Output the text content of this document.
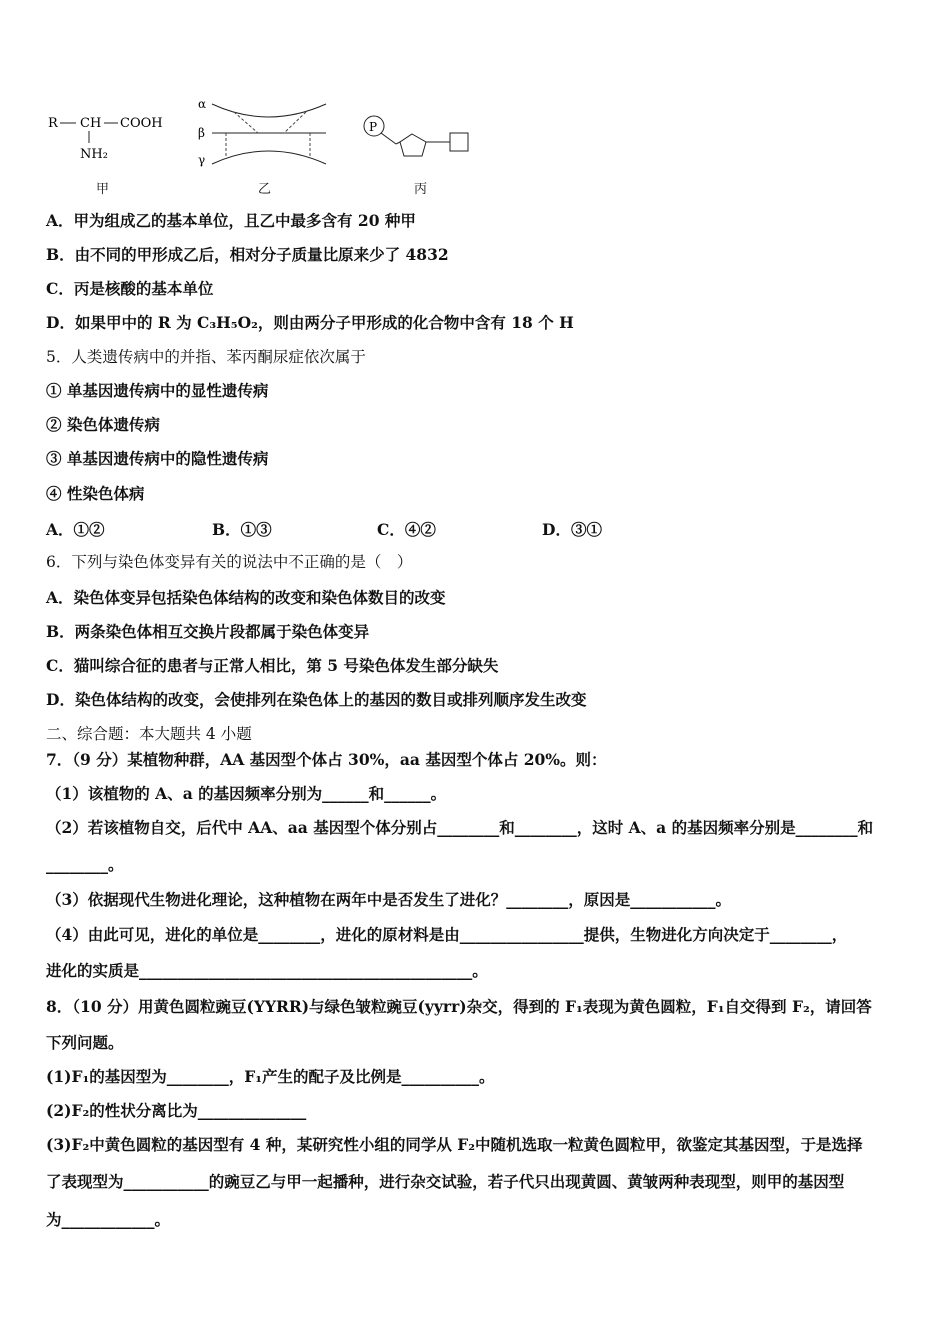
R CH COOH
NH₂
甲
α
β
γ
乙
P
丙
A．甲为组成乙的基本单位，且乙中最多含有 20 种甲
B．由不同的甲形成乙后，相对分子质量比原来少了 4832
C．丙是核酸的基本单位
D．如果甲中的 R 为 C₃H₅O₂，则由两分子甲形成的化合物中含有 18 个 H
5．人类遗传病中的并指、苯丙酮尿症依次属于
① 单基因遗传病中的显性遗传病
② 染色体遗传病
③ 单基因遗传病中的隐性遗传病
④ 性染色体病
A．①②	B．①③	C．④②	D．③①
6．下列与染色体变异有关的说法中不正确的是（　）
A．染色体变异包括染色体结构的改变和染色体数目的改变
B．两条染色体相互交换片段都属于染色体变异
C．猫叫综合征的患者与正常人相比，第 5 号染色体发生部分缺失
D．染色体结构的改变，会使排列在染色体上的基因的数目或排列顺序发生改变
二、综合题：本大题共 4 小题
7．（9 分）某植物种群，AA 基因型个体占 30%，aa 基因型个体占 20%。则：
（1）该植物的 A、a 的基因频率分别为______和______。
（2）若该植物自交，后代中 AA、aa 基因型个体分别占________和________，这时 A、a 的基因频率分别是________和
________。
（3）依据现代生物进化理论，这种植物在两年中是否发生了进化？________，原因是___________。
（4）由此可见，进化的单位是________，进化的原材料是由________________提供，生物进化方向决定于________，
进化的实质是___________________________________________。
8．（10 分）用黄色圆粒豌豆(YYRR)与绿色皱粒豌豆(yyrr)杂交，得到的 F₁表现为黄色圆粒，F₁自交得到 F₂，请回答
下列问题。
(1)F₁的基因型为________，F₁产生的配子及比例是__________。
(2)F₂的性状分离比为______________
(3)F₂中黄色圆粒的基因型有 4 种，某研究性小组的同学从 F₂中随机选取一粒黄色圆粒甲，欲鉴定其基因型，于是选择
了表现型为___________的豌豆乙与甲一起播种，进行杂交试验，若子代只出现黄圆、黄皱两种表现型，则甲的基因型
为____________。
